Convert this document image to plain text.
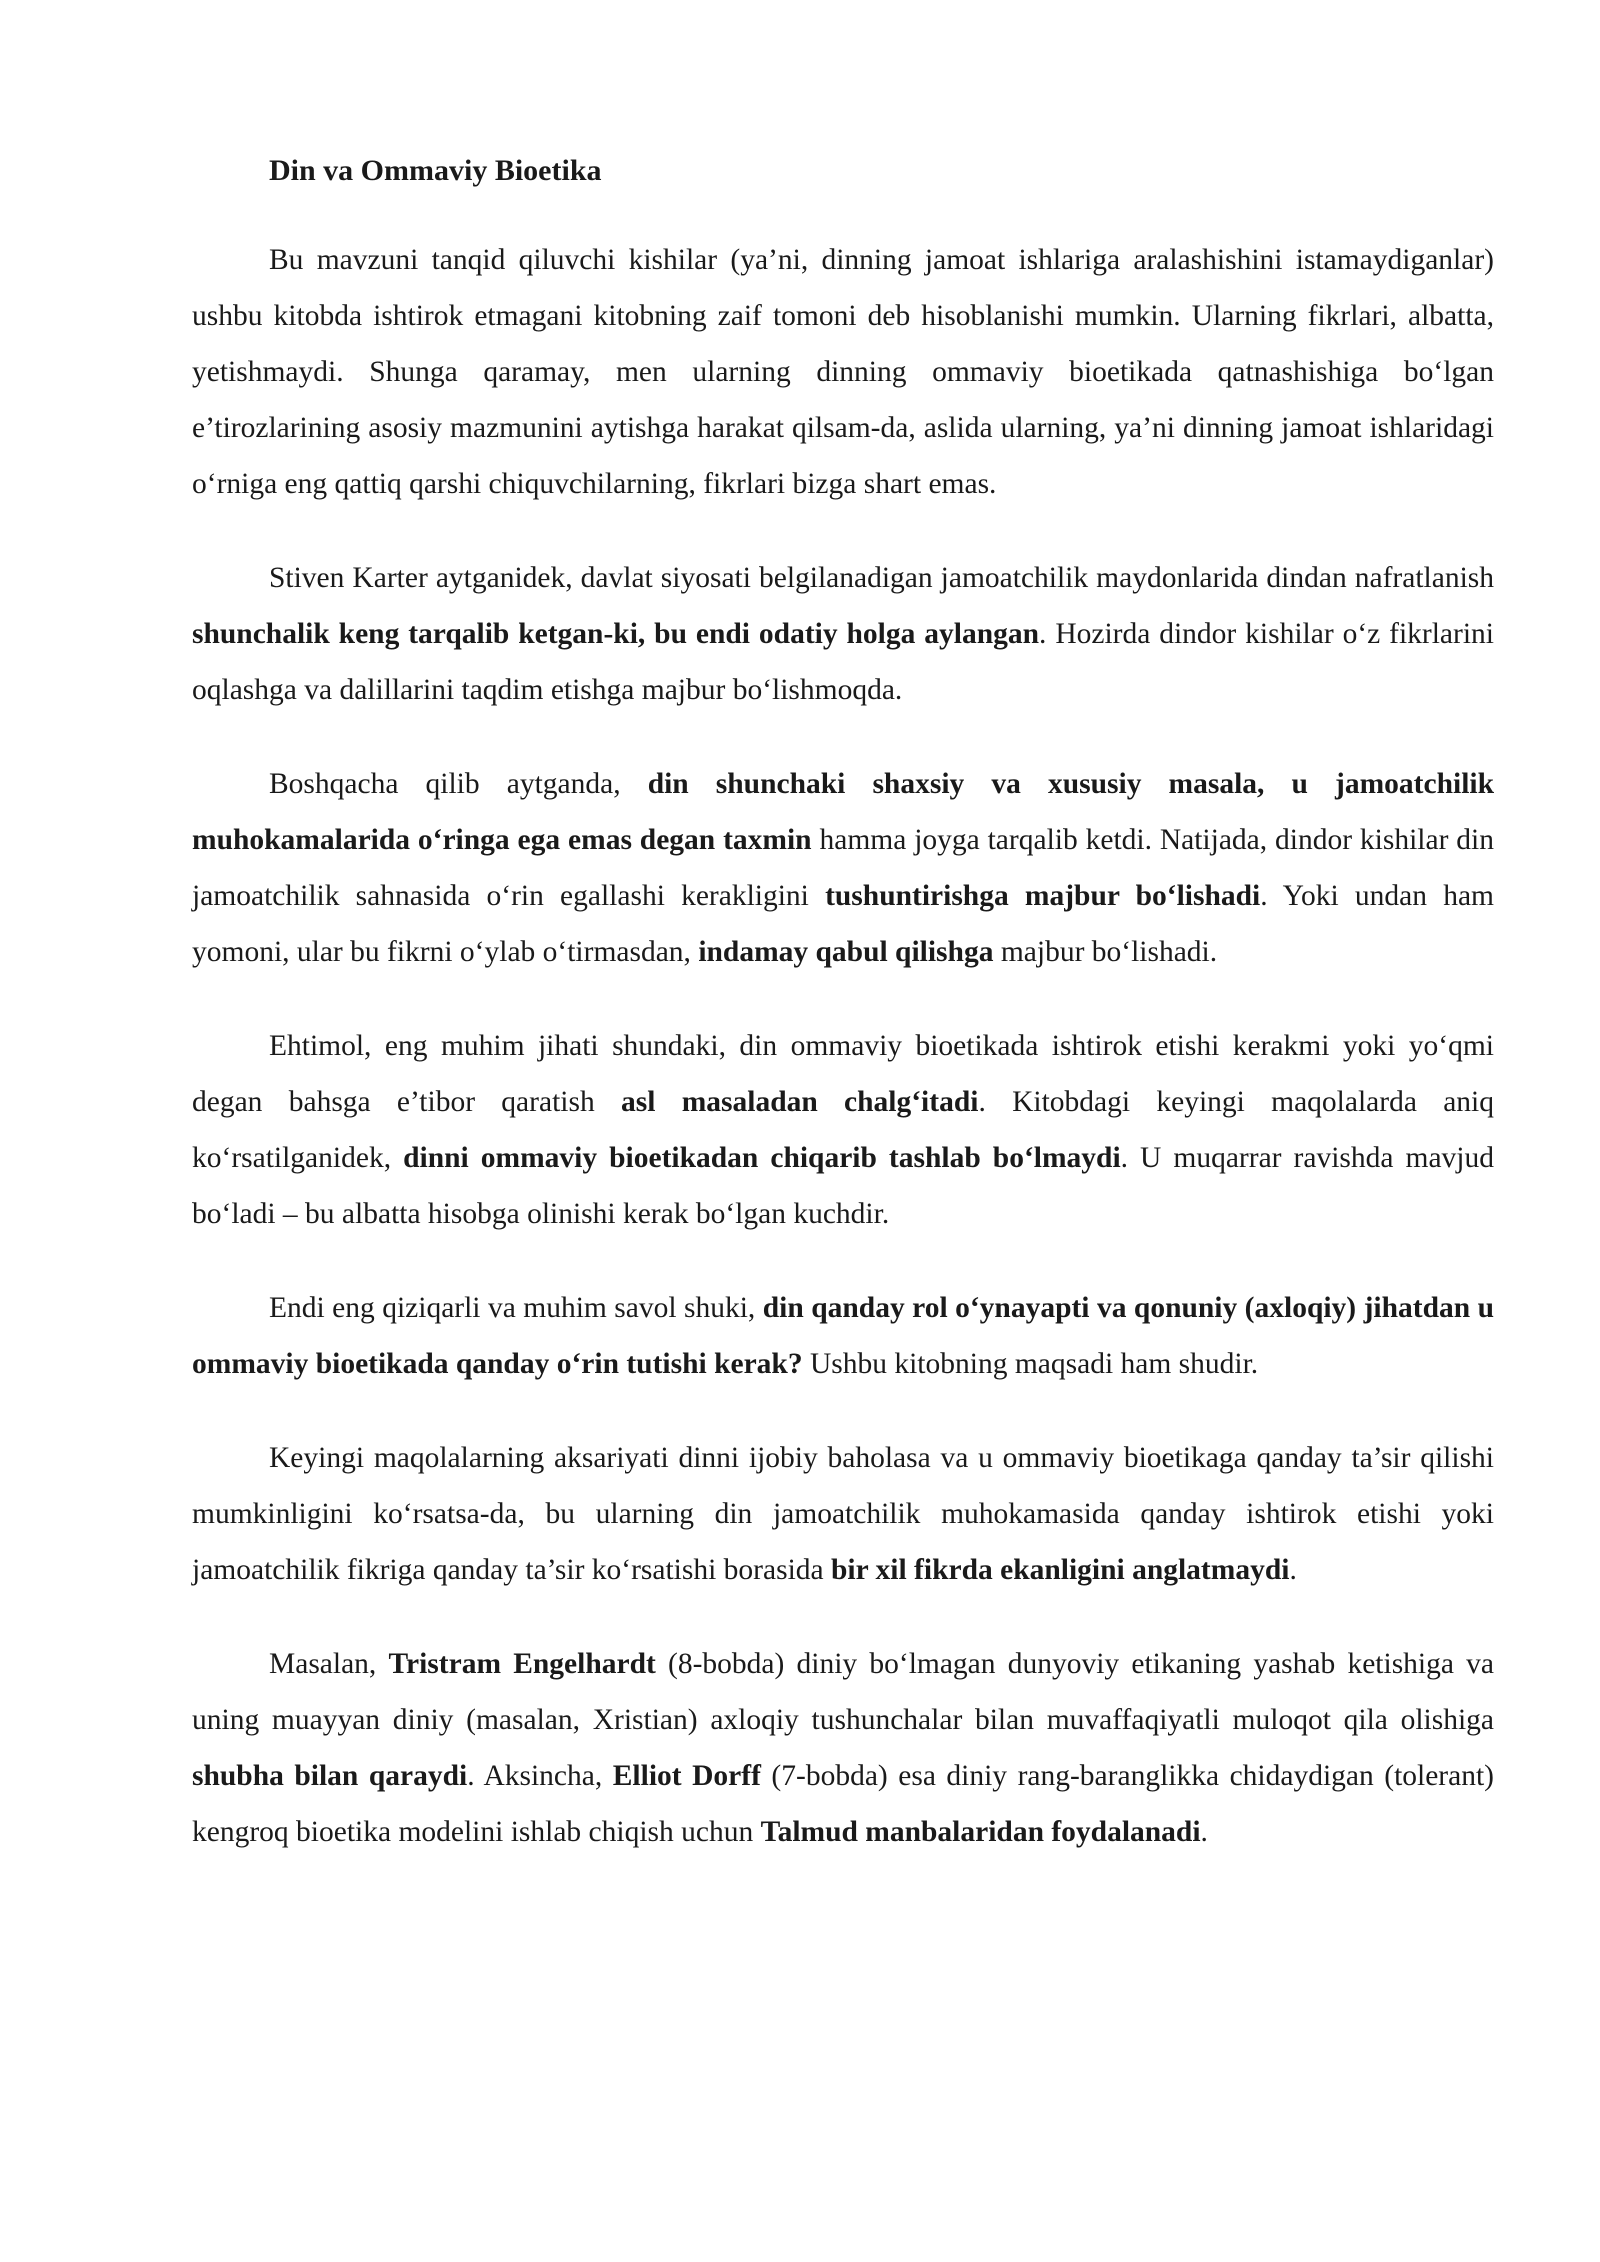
Din va Ommaviy Bioetika

Bu mavzuni tanqid qiluvchi kishilar (ya’ni, dinning jamoat ishlariga aralashishini istamaydiganlar) ushbu kitobda ishtirok etmagani kitobning zaif tomoni deb hisoblanishi mumkin. Ularning fikrlari, albatta, yetishmaydi. Shunga qaramay, men ularning dinning ommaviy bioetikada qatnashishiga bo‘lgan e’tirozlarining asosiy mazmunini aytishga harakat qilsam-da, aslida ularning, ya’ni dinning jamoat ishlaridagi o‘rniga eng qattiq qarshi chiquvchilarning, fikrlari bizga shart emas.

Stiven Karter aytganidek, davlat siyosati belgilanadigan jamoatchilik maydonlarida dindan nafratlanish shunchalik keng tarqalib ketgan-ki, bu endi odatiy holga aylangan. Hozirda dindor kishilar o‘z fikrlarini oqlashga va dalillarini taqdim etishga majbur bo‘lishmoqda.

Boshqacha qilib aytganda, din shunchaki shaxsiy va xususiy masala, u jamoatchilik muhokamalarida o‘ringa ega emas degan taxmin hamma joyga tarqalib ketdi. Natijada, dindor kishilar din jamoatchilik sahnasida o‘rin egallashi kerakligini tushuntirishga majbur bo‘lishadi. Yoki undan ham yomoni, ular bu fikrni o‘ylab o‘tirmasdan, indamay qabul qilishga majbur bo‘lishadi.

Ehtimol, eng muhim jihati shundaki, din ommaviy bioetikada ishtirok etishi kerakmi yoki yo‘qmi degan bahsga e’tibor qaratish asl masaladan chalg‘itadi. Kitobdagi keyingi maqolalarda aniq ko‘rsatilganidek, dinni ommaviy bioetikadan chiqarib tashlab bo‘lmaydi. U muqarrar ravishda mavjud bo‘ladi – bu albatta hisobga olinishi kerak bo‘lgan kuchdir.

Endi eng qiziqarli va muhim savol shuki, din qanday rol o‘ynayapti va qonuniy (axloqiy) jihatdan u ommaviy bioetikada qanday o‘rin tutishi kerak? Ushbu kitobning maqsadi ham shudir.

Keyingi maqolalarning aksariyati dinni ijobiy baholasa va u ommaviy bioetikaga qanday ta’sir qilishi mumkinligini ko‘rsatsa-da, bu ularning din jamoatchilik muhokamasida qanday ishtirok etishi yoki jamoatchilik fikriga qanday ta’sir ko‘rsatishi borasida bir xil fikrda ekanligini anglatmaydi.

Masalan, Tristram Engelhardt (8-bobda) diniy bo‘lmagan dunyoviy etikaning yashab ketishiga va uning muayyan diniy (masalan, Xristian) axloqiy tushunchalar bilan muvaffaqiyatli muloqot qila olishiga shubha bilan qaraydi. Aksincha, Elliot Dorff (7-bobda) esa diniy rang-baranglikka chidaydigan (tolerant) kengroq bioetika modelini ishlab chiqish uchun Talmud manbalaridan foydalanadi.
